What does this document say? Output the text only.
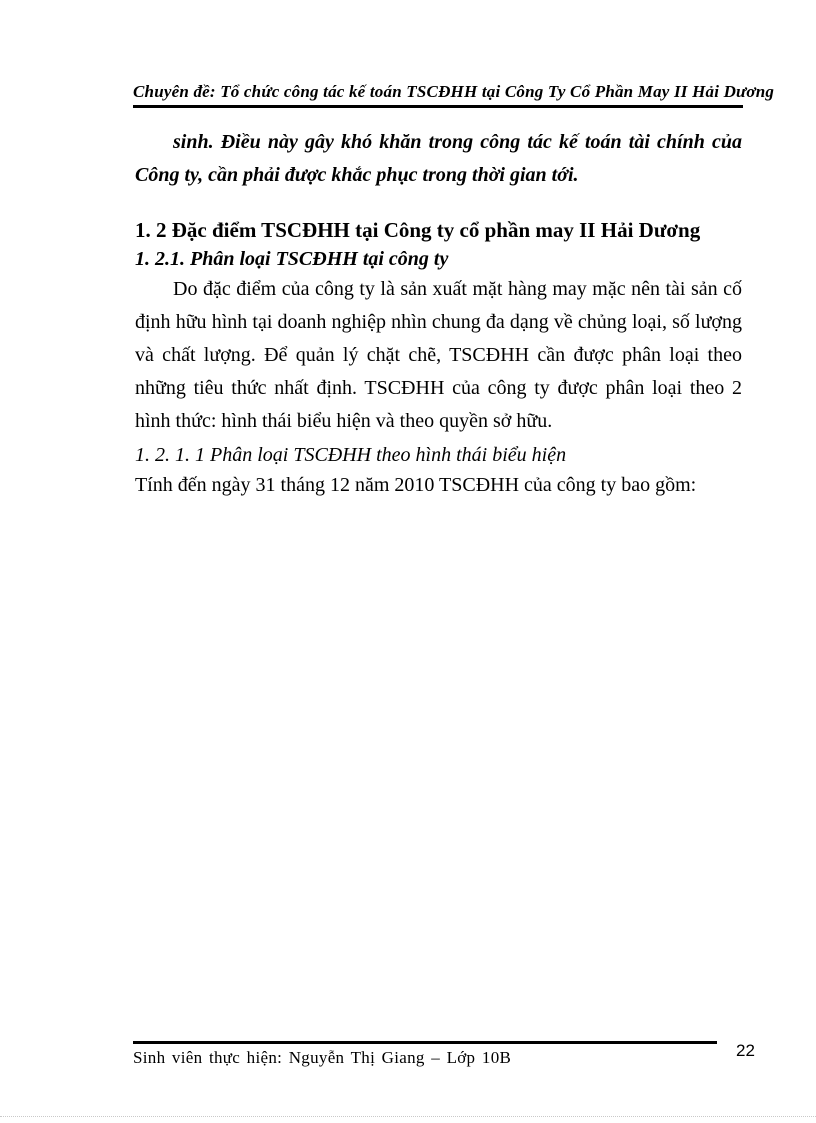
Chuyên đề: Tổ chức công tác kế toán TSCĐHH tại Công Ty Cổ Phần May II Hải Dương

sinh. Điều này gây khó khăn trong công tác kế toán tài chính của Công ty, cần phải được khắc phục trong thời gian tới.

1. 2 Đặc điểm TSCĐHH tại Công ty cổ phần may II Hải Dương

1. 2.1. Phân loại TSCĐHH tại công ty

Do đặc điểm của công ty là sản xuất mặt hàng may mặc nên tài sản cố định hữu hình tại doanh nghiệp nhìn chung đa dạng về chủng loại, số lượng và chất lượng. Để quản lý chặt chẽ, TSCĐHH cần được phân loại theo những tiêu thức nhất định. TSCĐHH của công ty được phân loại theo 2 hình thức: hình thái biểu hiện và theo quyền sở hữu.

1. 2. 1. 1 Phân loại TSCĐHH theo hình thái biểu hiện

Tính đến ngày 31 tháng 12 năm 2010 TSCĐHH của công ty bao gồm:

Sinh viên thực hiện: Nguyễn Thị Giang – Lớp 10B	22
